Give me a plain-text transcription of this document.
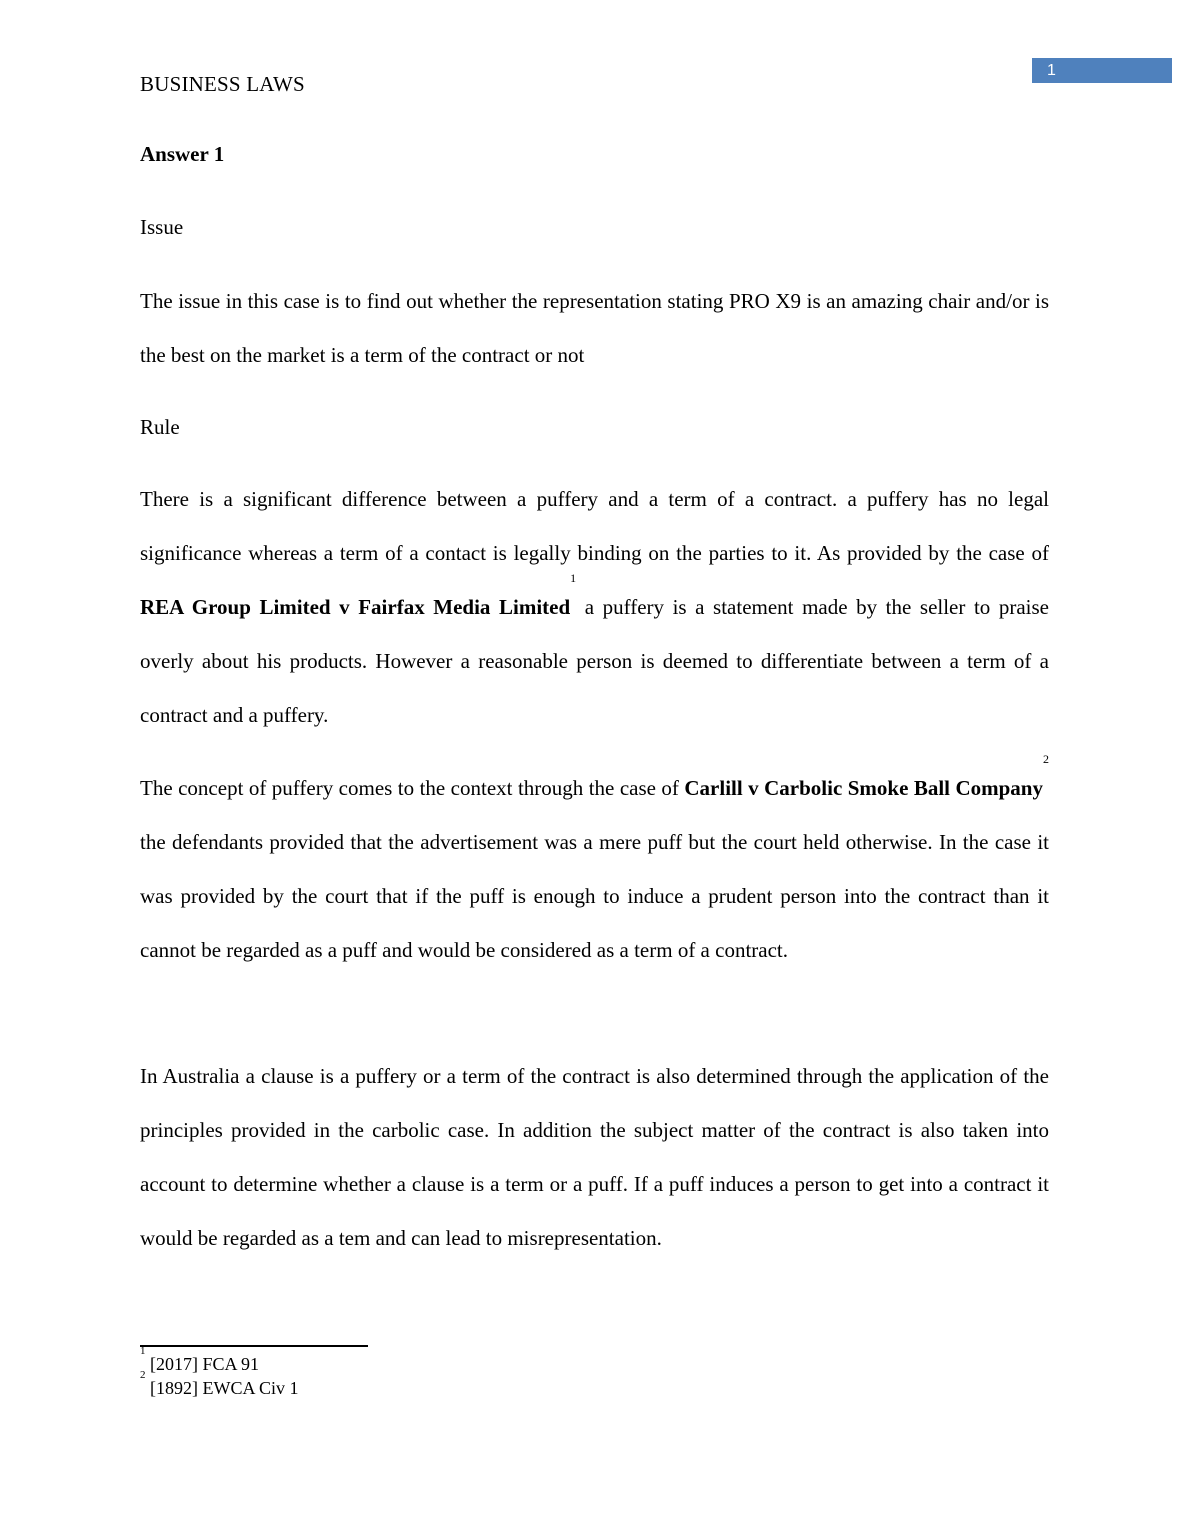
1
BUSINESS LAWS

Answer 1

Issue

The issue in this case is to find out whether the representation stating PRO X9 is an amazing chair and/or is the best on the market is a term of the contract or not

Rule

There is a significant difference between a puffery and a term of a contract. a puffery has no legal significance whereas a term of a contact is legally binding on the parties to it. As provided by the case of REA Group Limited v Fairfax Media Limited$^1$ a puffery is a statement made by the seller to praise overly about his products. However a reasonable person is deemed to differentiate between a term of a contract and a puffery.

The concept of puffery comes to the context through the case of Carlill v Carbolic Smoke Ball Company$^2$ the defendants provided that the advertisement was a mere puff but the court held otherwise. In the case it was provided by the court that if the puff is enough to induce a prudent person into the contract than it cannot be regarded as a puff and would be considered as a term of a contract.

In Australia a clause is a puffery or a term of the contract is also determined through the application of the principles provided in the carbolic case. In addition the subject matter of the contract is also taken into account to determine whether a clause is a term or a puff. If a puff induces a person to get into a contract it would be regarded as a tem and can lead to misrepresentation.

$^1$ [2017] FCA 91

$^2$ [1892] EWCA Civ 1
